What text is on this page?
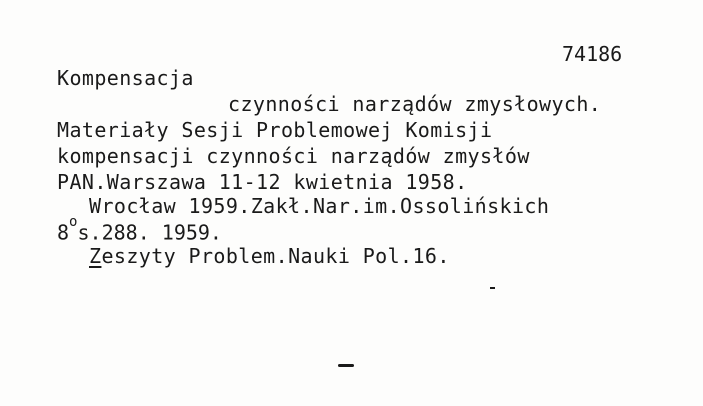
74186
Kompensacja
czynności narządów zmysłowych.
Materiały Sesji Problemowej Komisji
kompensacji czynności narządów zmysłów
PAN.Warszawa 11-12 kwietnia 1958.
Wrocław 1959.Zakł.Nar.im.Ossolińskich
8$^o$s.288. 1959.
Zeszyty Problem.Nauki Pol.16.
